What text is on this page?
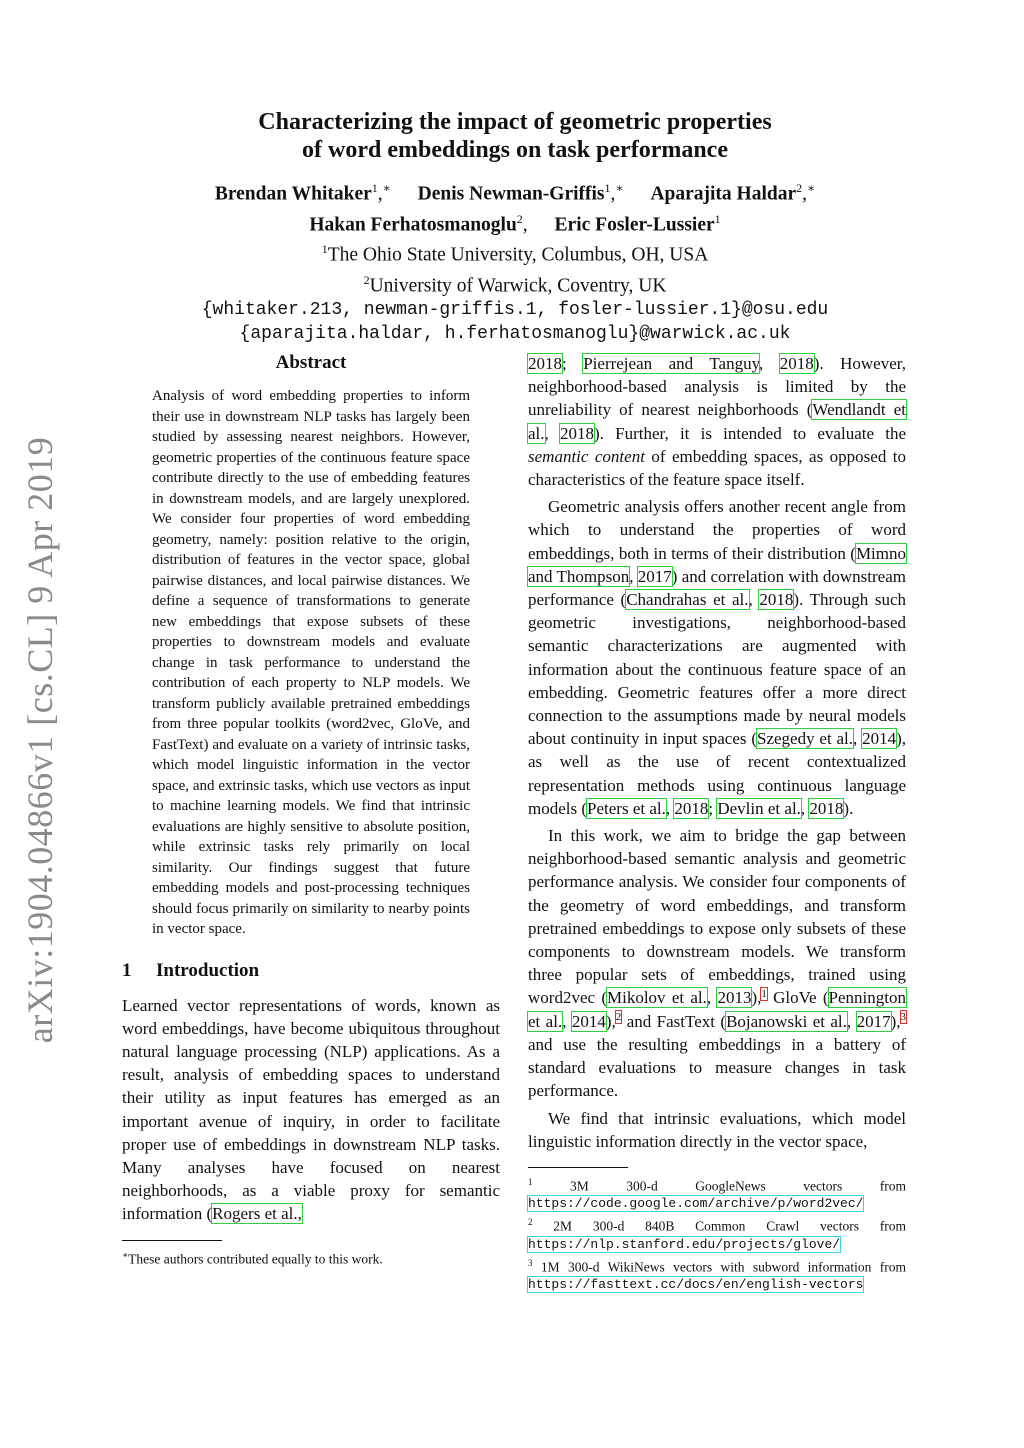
arXiv:1904.04866v1 [cs.CL] 9 Apr 2019
Characterizing the impact of geometric properties
of word embeddings on task performance
Brendan Whitaker$^1$,∗ Denis Newman-Griffis$^1$,∗ Aparajita Haldar$^2$,∗
Hakan Ferhatosmanoglu$^2$, Eric Fosler-Lussier$^1$
$^1$The Ohio State University, Columbus, OH, USA
$^2$University of Warwick, Coventry, UK
{whitaker.213, newman-griffis.1, fosler-lussier.1}@osu.edu
{aparajita.haldar, h.ferhatosmanoglu}@warwick.ac.uk
Abstract

Analysis of word embedding properties to inform their use in downstream NLP tasks has largely been studied by assessing nearest neighbors. However, geometric properties of the continuous feature space contribute directly to the use of embedding features in downstream models, and are largely unexplored. We consider four properties of word embedding geometry, namely: position relative to the origin, distribution of features in the vector space, global pairwise distances, and local pairwise distances. We define a sequence of transformations to generate new embeddings that expose subsets of these properties to downstream models and evaluate change in task performance to understand the contribution of each property to NLP models. We transform publicly available pretrained embeddings from three popular toolkits (word2vec, GloVe, and FastText) and evaluate on a variety of intrinsic tasks, which model linguistic information in the vector space, and extrinsic tasks, which use vectors as input to machine learning models. We find that intrinsic evaluations are highly sensitive to absolute position, while extrinsic tasks rely primarily on local similarity. Our findings suggest that future embedding models and post-processing techniques should focus primarily on similarity to nearby points in vector space.

1 Introduction

Learned vector representations of words, known as word embeddings, have become ubiquitous throughout natural language processing (NLP) applications. As a result, analysis of embedding spaces to understand their utility as input features has emerged as an important avenue of inquiry, in order to facilitate proper use of embeddings in downstream NLP tasks. Many analyses have focused on nearest neighborhoods, as a viable proxy for semantic information (Rogers et al.,

∗These authors contributed equally to this work.

2018; Pierrejean and Tanguy, 2018). However, neighborhood-based analysis is limited by the unreliability of nearest neighborhoods (Wendlandt et al., 2018). Further, it is intended to evaluate the semantic content of embedding spaces, as opposed to characteristics of the feature space itself.

Geometric analysis offers another recent angle from which to understand the properties of word embeddings, both in terms of their distribution (Mimno and Thompson, 2017) and correlation with downstream performance (Chandrahas et al., 2018). Through such geometric investigations, neighborhood-based semantic characterizations are augmented with information about the continuous feature space of an embedding. Geometric features offer a more direct connection to the assumptions made by neural models about continuity in input spaces (Szegedy et al., 2014), as well as the use of recent contextualized representation methods using continuous language models (Peters et al., 2018; Devlin et al., 2018).

In this work, we aim to bridge the gap between neighborhood-based semantic analysis and geometric performance analysis. We consider four components of the geometry of word embeddings, and transform pretrained embeddings to expose only subsets of these components to downstream models. We transform three popular sets of embeddings, trained using word2vec (Mikolov et al., 2013),$^1$ GloVe (Pennington et al., 2014),$^2$ and FastText (Bojanowski et al., 2017),$^3$ and use the resulting embeddings in a battery of standard evaluations to measure changes in task performance.

We find that intrinsic evaluations, which model linguistic information directly in the vector space,

$^1$	3M 300-d GoogleNews vectors from https://code.google.com/archive/p/word2vec/

$^2$ 2M 300-d 840B Common Crawl vectors from https://nlp.stanford.edu/projects/glove/

$^3$ 1M 300-d WikiNews vectors with subword information from https://fasttext.cc/docs/en/english-vectors
